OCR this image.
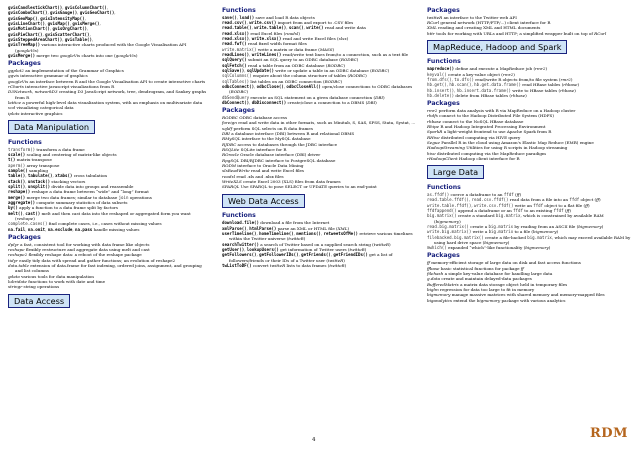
gvisCandlestickChart(), gvisColumnChart(),
gvisComboChart(), gvisGauge(), gvisGeoChart(),
gvisGeoMap(), gvisIntensityMap(),
gvisLineChart(), gvisMap(), gvisMerge(),
gvisMotionChart(), gvisOrgChart(),
gvisPieChart(), gvisScatterChart(),
gvisSteppedAreaChart(), gvisTable(),
gvisTreeMap() various interactive charts produced with the Google Visualisation API (googleVis)
gvisMerge() merge two googleVis charts into one (googleVis)
Packages
ggplot2 an implementation of the Grammar of Graphics
ggvis interactive grammar of graphics
googleVis an interface between R and the Google Visualisation API to create interactive charts
rCharts interactive javascript visualizations from R
D3Network, networkD3 creating D3 JavaScript network, tree, dendrogram, and Sankey graphs from R
lattice a powerful high-level data visualization system, with an emphasis on multivariate data
vcd visualizing categorical data
iplots interactive graphics
Data Manipulation
Functions
transform() transform a data frame
scale() scaling and centering of matrix-like objects
t() matrix transpose
aperm() array transpose
sample() sampling
table(), tabulate(), xtabs() cross tabulation
stack(), unstack() stacking vectors
split(), unsplit() divide data into groups and reassemble
reshape() reshape a data frame between “wide” and “long” format
merge() merge two data frames; similar to database join operations
aggregate() compute summary statistics of data subsets
by() apply a function to a data frame split by factors
melt(), cast() melt and then cast data into the reshaped or aggregated form you want (reshape)
complete.cases() find complete cases, i.e., cases without missing values
na.fail, na.omit, na.exclude, na.pass handle missing values
Packages
dplyr a fast, consistent tool for working with data frame like objects
reshape flexibly restructure and aggregate data using melt and cast
reshape2 flexibly reshape data: a reboot of the reshape package
tidyr easily tidy data with spread and gather functions; an evolution of reshape2
data.table extension of data.frame for fast indexing, ordered joins, assignment, and grouping and list columns
gdata various tools for data manipulation
lubridate functions to work with date and time
stringr string operations
Data Access
Functions
save(), load() save and load R data objects
read.csv(), write.csv() import from and export to .CSV files
read.table(), write.table(), scan(), write() read and write data
read.xlsx() read Excel files (readxl)
read.xlsx(), write.xlsx() read and write Excel files (xlsx)
read.fwf() read fixed width format files
write.matrix() write a matrix or data frame (MASS)
readLines(), writeLines() read/write text lines from/to a connection, such as a text file
sqlQuery() submit an SQL query to an ODBC database (RODBC)
sqlFetch() read a table from an ODBC database (RODBC)
sqlSave(), sqlUpdate() write or update a table in an ODBC database (RODBC)
sqlColumns() enquire about the column structure of tables (RODBC)
sqlTables() list tables on an ODBC connection (RODBC)
odbcConnect(), odbcClose(), odbcCloseAll() open/close connections to ODBC databases (RODBC)
dbSendQuery execute an SQL statement on a given database connection (DBI)
dbConnect(), dbDisconnect() create/close a connection to a DBMS (DBI)
Packages
RODBC ODBC database access
foreign read and write data in other formats, such as Minitab, S, SAS, SPSS, Stata, Systat, ...
sqldf perform SQL selects on R data frames
DBI a database interface (DBI) between R and relational DBMS
RMySQL interface to the MySQL database
RJDBC access to databases through the JDBC interface
RSQLite SQLite interface for R
ROracle Oracle database interface (DBI) driver
RpgSQL DBI/RJDBC interface to PostgreSQL database
RODM interface to Oracle Data Mining
xlsReadWrite read and write Excel files
readxl read .xls and .xlsx files
WriteXLS create Excel 2003 (XLS) files from data frames
SPARQL Use SPARQL to pose SELECT or UPDATE queries to an end-point
Web Data Access
Functions
download.file() download a file from the Internet
xmlParse(), htmlParse() parse an XML or HTML file (XML)
userTimeline(), homeTimeline(), mentions(), retweetsOfMe() retrieve various timelines within the Twitter universe (twitteR)
searchTwitter() a search of Twitter based on a supplied search string (twitteR)
getUser(), lookupUsers() get information of Twitter users (twitteR)
getFollowers(), getFollowerIDs(), getFriends(), getFriendIDs() get a list of followers/friends or their IDs of a Twitter user (twitteR)
twListToDF() convert twitteR lists to data frames (twitteR)
Packages
twitteR an interface to the Twitter web API
RCurl general network (HTTP/FTP/...) client interface for R
XML reading and creating XML and HTML documents
httr tools for working with URLs and HTTP; a simplified wrapper built on top of RCurl
MapReduce, Hadoop and Spark
Functions
mapreduce() define and execute a MapReduce job (rmr2)
keyval() create a key-value object (rmr2)
from.dfs(), to.dfs() read/write R objects from/to file system (rmr2)
hb.get(), hb.scan(), hb.get.data.frame() read HBase tables (rhbase)
hb.insert(), hb.insert.data.frame() write to HBase tables (rhbase)
hb.delete() delete from HBase tables (rhbase)
Packages
rmr2 perform data analysis with R via MapReduce on a Hadoop cluster
rhdfs connect to the Hadoop Distributed File System (HDFS)
rhbase connect to the NoSQL HBase database
Rhipe R and Hadoop Integrated Processing Environment
SparkR a light-weight frontend to use Apache Spark from R
RHive distributed computing via HIVE query
Segue Parallel R in the cloud using Amazon's Elastic Map Reduce (EMR) engine
HadoopStreaming Utilities for using R scripts in Hadoop streaming
hive distributed computing via the MapReduce paradigm
rHadoopClient Hadoop client interface for R
Large Data
Functions
as.ffdf() coerce a dataframe to an ffdf (ff)
read.table.ffdf(), read.csv.ffdf() read data from a file into an ffdf object (ff)
write.table.ffdf(), write.csv.ffdf() write an ffdf object to a flat file (ff)
ffdfappend() append a dataframe or an ffdf to an existing ffdf (ff)
big.matrix() create a standard big.matrix, which is constrained by available RAM (bigmemory)
read.big.matrix() create a big.matrix by reading from an ASCII file (bigmemory)
write.big.matrix() write a big.matrix to a file (bigmemory)
filebacked.big.matrix() create a file-backed big.matrix, which may exceed available RAM by using hard drive space (bigmemory)
mwhich() expanded “which”-like functionality (bigmemory)
Packages
ff memory-efficient storage of large data on disk and fast access functions
ffbase basic statistical functions for package ff
filehash a simple key-value database for handling large data
g.data create and maintain delayed-data packages
BufferedMatrix a matrix data storage object held in temporary files
biglm regression for data too large to fit in memory
bigmemory manage massive matrices with shared memory and memory-mapped files
biganalytics extend the bigmemory package with various analytics
4	RDM
